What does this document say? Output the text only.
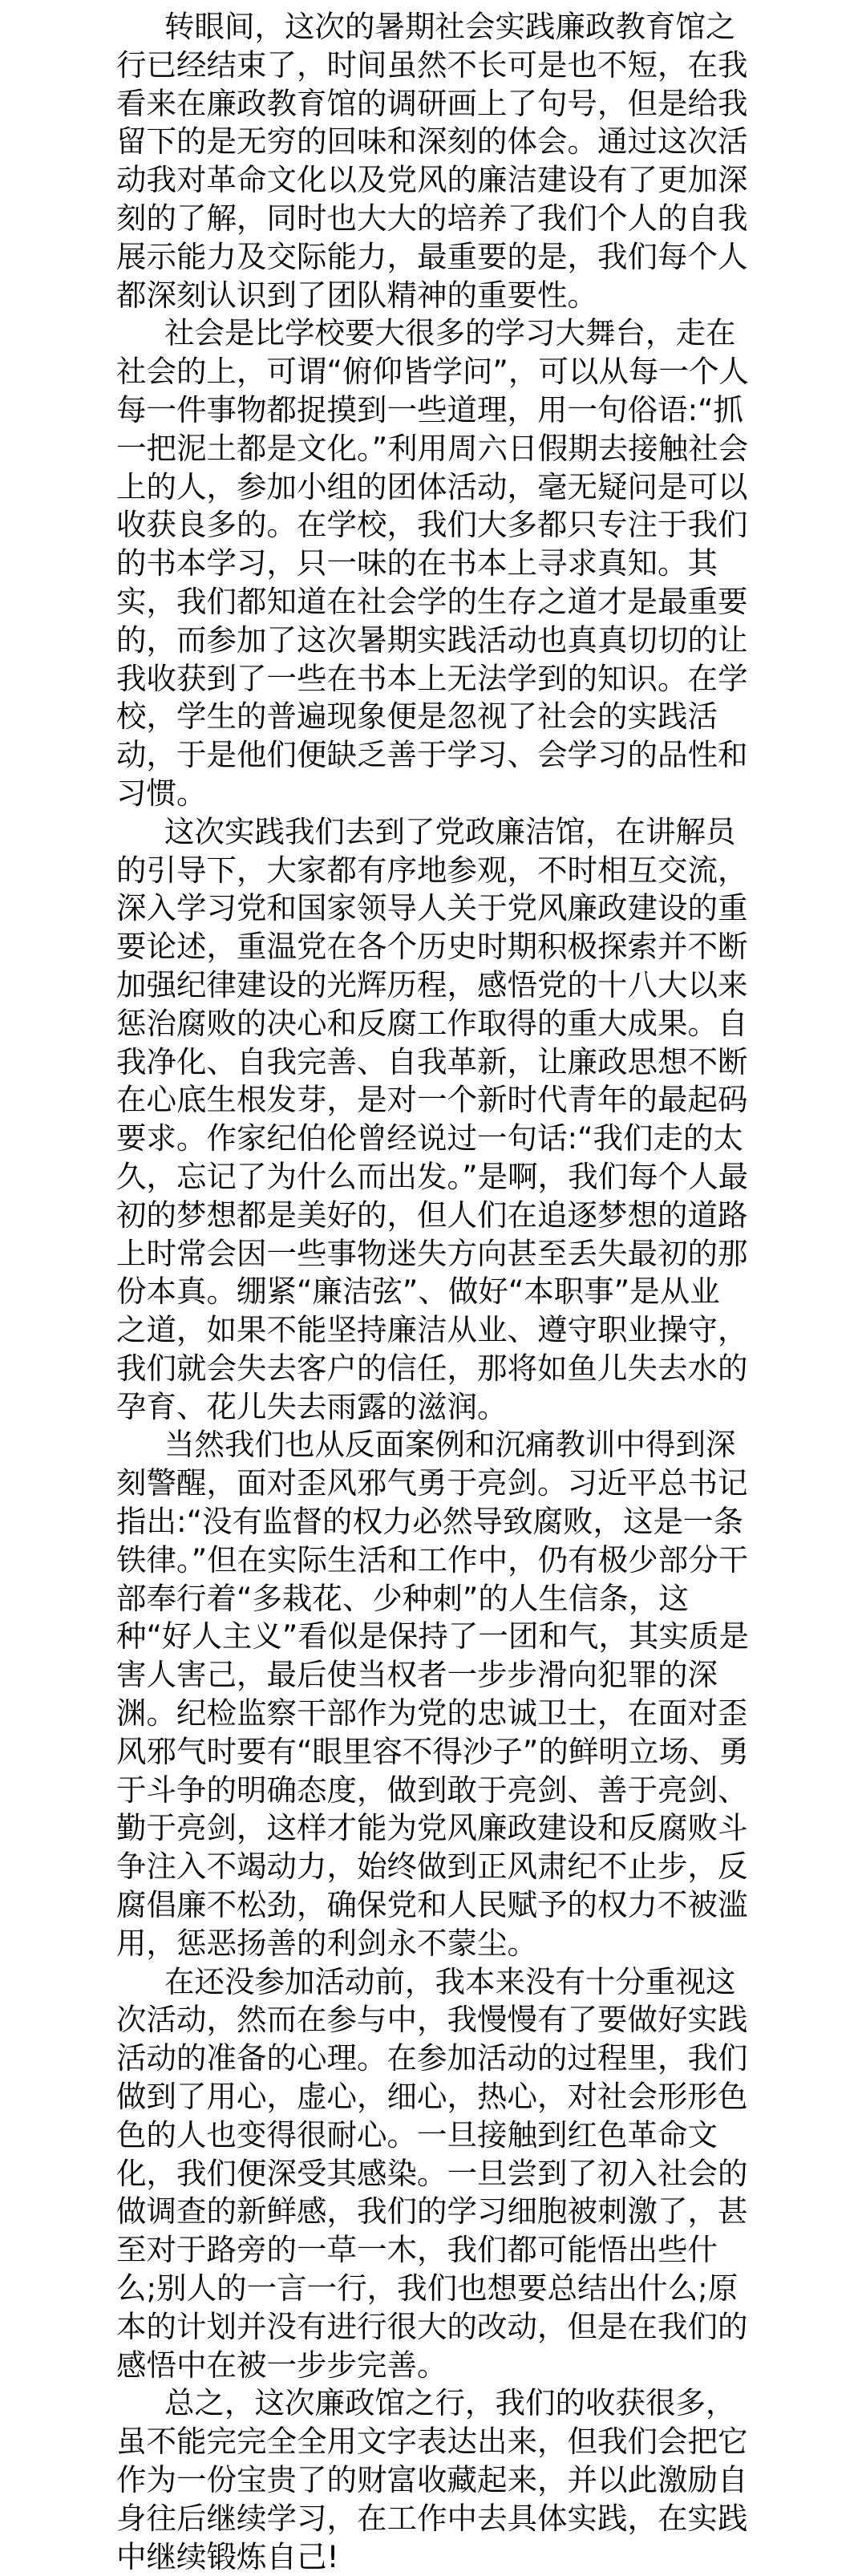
转眼间，这次的暑期社会实践廉政教育馆之行已经结束了，时间虽然不长可是也不短，在我看来在廉政教育馆的调研画上了句号，但是给我留下的是无穷的回味和深刻的体会。通过这次活动我对革命文化以及党风的廉洁建设有了更加深刻的了解，同时也大大的培养了我们个人的自我展示能力及交际能力，最重要的是，我们每个人都深刻认识到了团队精神的重要性。

社会是比学校要大很多的学习大舞台，走在社会的上，可谓“俯仰皆学问”，可以从每一个人每一件事物都捉摸到一些道理，用一句俗语:“抓一把泥土都是文化。”利用周六日假期去接触社会上的人，参加小组的团体活动，毫无疑问是可以收获良多的。在学校，我们大多都只专注于我们的书本学习，只一味的在书本上寻求真知。其实，我们都知道在社会学的生存之道才是最重要的，而参加了这次暑期实践活动也真真切切的让我收获到了一些在书本上无法学到的知识。在学校，学生的普遍现象便是忽视了社会的实践活动，于是他们便缺乏善于学习、会学习的品性和习惯。

这次实践我们去到了党政廉洁馆，在讲解员的引导下，大家都有序地参观，不时相互交流，深入学习党和国家领导人关于党风廉政建设的重要论述，重温党在各个历史时期积极探索并不断加强纪律建设的光辉历程，感悟党的十八大以来惩治腐败的决心和反腐工作取得的重大成果。自我净化、自我完善、自我革新，让廉政思想不断在心底生根发芽，是对一个新时代青年的最起码要求。作家纪伯伦曾经说过一句话:“我们走的太久，忘记了为什么而出发。”是啊，我们每个人最初的梦想都是美好的，但人们在追逐梦想的道路上时常会因一些事物迷失方向甚至丢失最初的那份本真。绷紧“廉洁弦”、做好“本职事”是从业之道，如果不能坚持廉洁从业、遵守职业操守，我们就会失去客户的信任，那将如鱼儿失去水的孕育、花儿失去雨露的滋润。

当然我们也从反面案例和沉痛教训中得到深刻警醒，面对歪风邪气勇于亮剑。习近平总书记指出:“没有监督的权力必然导致腐败，这是一条铁律。”但在实际生活和工作中，仍有极少部分干部奉行着“多栽花、少种刺”的人生信条，这种“好人主义”看似是保持了一团和气，其实质是害人害己，最后使当权者一步步滑向犯罪的深渊。纪检监察干部作为党的忠诚卫士，在面对歪风邪气时要有“眼里容不得沙子”的鲜明立场、勇于斗争的明确态度，做到敢于亮剑、善于亮剑、勤于亮剑，这样才能为党风廉政建设和反腐败斗争注入不竭动力，始终做到正风肃纪不止步，反腐倡廉不松劲，确保党和人民赋予的权力不被滥用，惩恶扬善的利剑永不蒙尘。

在还没参加活动前，我本来没有十分重视这次活动，然而在参与中，我慢慢有了要做好实践活动的准备的心理。在参加活动的过程里，我们做到了用心，虚心，细心，热心，对社会形形色色的人也变得很耐心。一旦接触到红色革命文化，我们便深受其感染。一旦尝到了初入社会的做调查的新鲜感，我们的学习细胞被刺激了，甚至对于路旁的一草一木，我们都可能悟出些什么;别人的一言一行，我们也想要总结出什么;原本的计划并没有进行很大的改动，但是在我们的感悟中在被一步步完善。

总之，这次廉政馆之行，我们的收获很多，虽不能完完全全用文字表达出来，但我们会把它作为一份宝贵了的财富收藏起来，并以此激励自身往后继续学习，在工作中去具体实践，在实践中继续锻炼自己!
